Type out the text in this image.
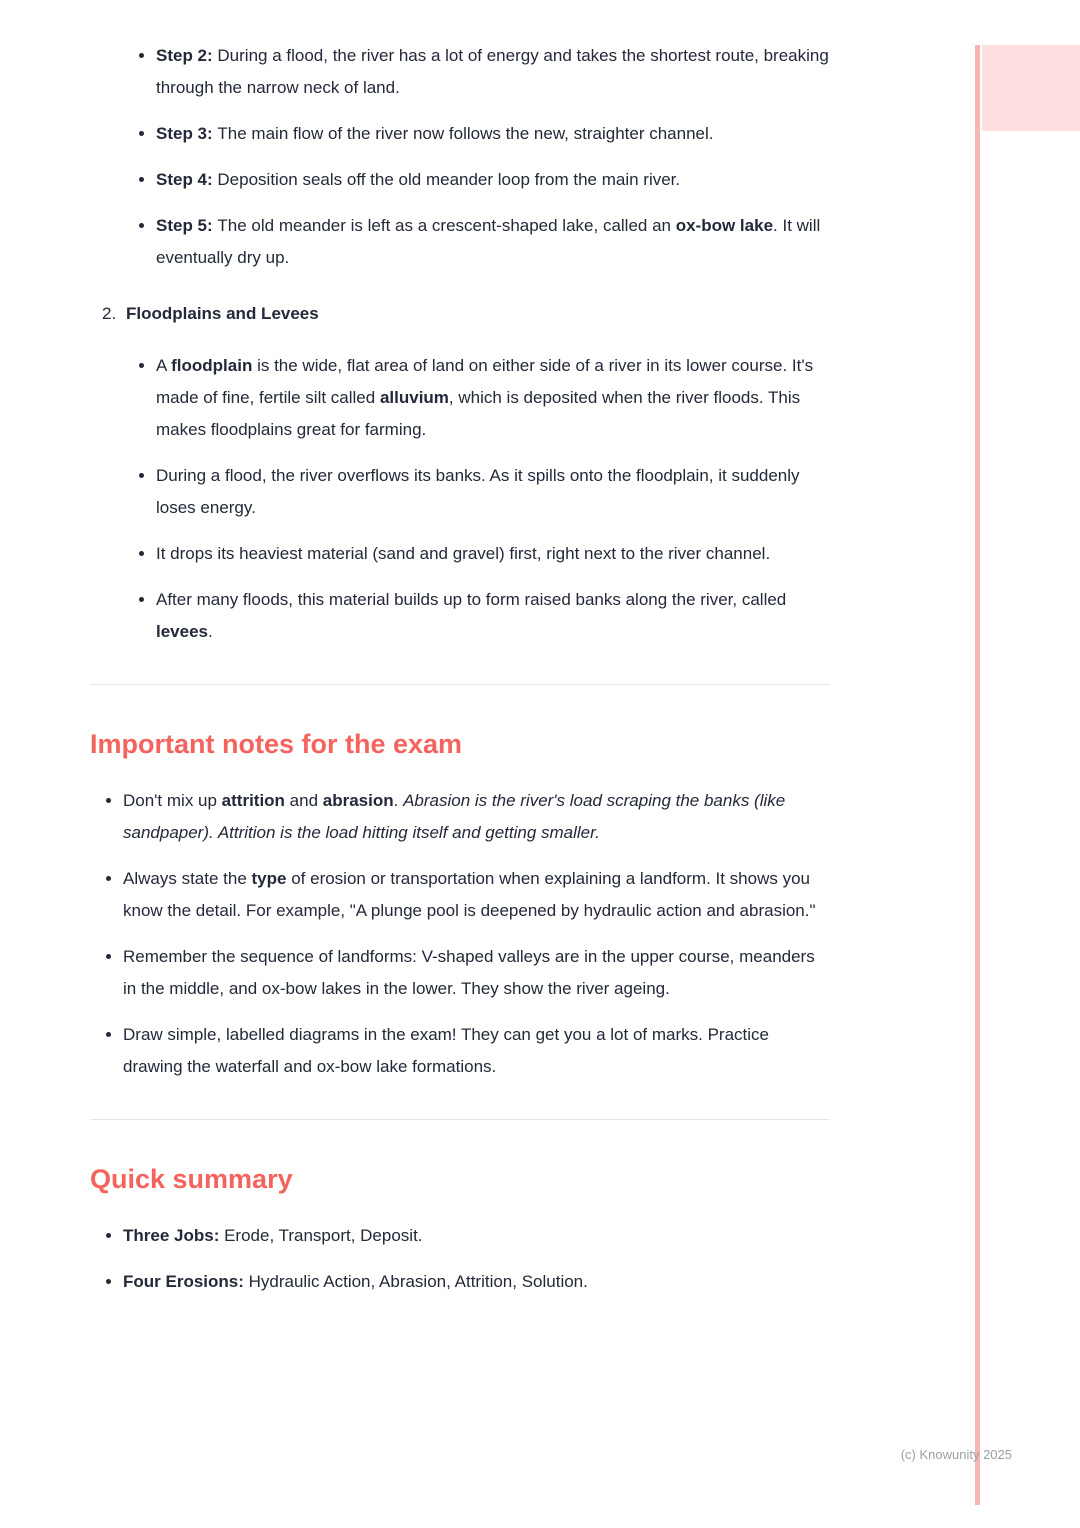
• Step 2: During a flood, the river has a lot of energy and takes the shortest route, breaking through the narrow neck of land.
• Step 3: The main flow of the river now follows the new, straighter channel.
• Step 4: Deposition seals off the old meander loop from the main river.
• Step 5: The old meander is left as a crescent-shaped lake, called an ox-bow lake. It will eventually dry up.
2. Floodplains and Levees
• A floodplain is the wide, flat area of land on either side of a river in its lower course. It's made of fine, fertile silt called alluvium, which is deposited when the river floods. This makes floodplains great for farming.
• During a flood, the river overflows its banks. As it spills onto the floodplain, it suddenly loses energy.
• It drops its heaviest material (sand and gravel) first, right next to the river channel.
• After many floods, this material builds up to form raised banks along the river, called levees.
Important notes for the exam
• Don't mix up attrition and abrasion. Abrasion is the river's load scraping the banks (like sandpaper). Attrition is the load hitting itself and getting smaller.
• Always state the type of erosion or transportation when explaining a landform. It shows you know the detail. For example, "A plunge pool is deepened by hydraulic action and abrasion."
• Remember the sequence of landforms: V-shaped valleys are in the upper course, meanders in the middle, and ox-bow lakes in the lower. They show the river ageing.
• Draw simple, labelled diagrams in the exam! They can get you a lot of marks. Practice drawing the waterfall and ox-bow lake formations.
Quick summary
• Three Jobs: Erode, Transport, Deposit.
• Four Erosions: Hydraulic Action, Abrasion, Attrition, Solution.
(c) Knowunity 2025
